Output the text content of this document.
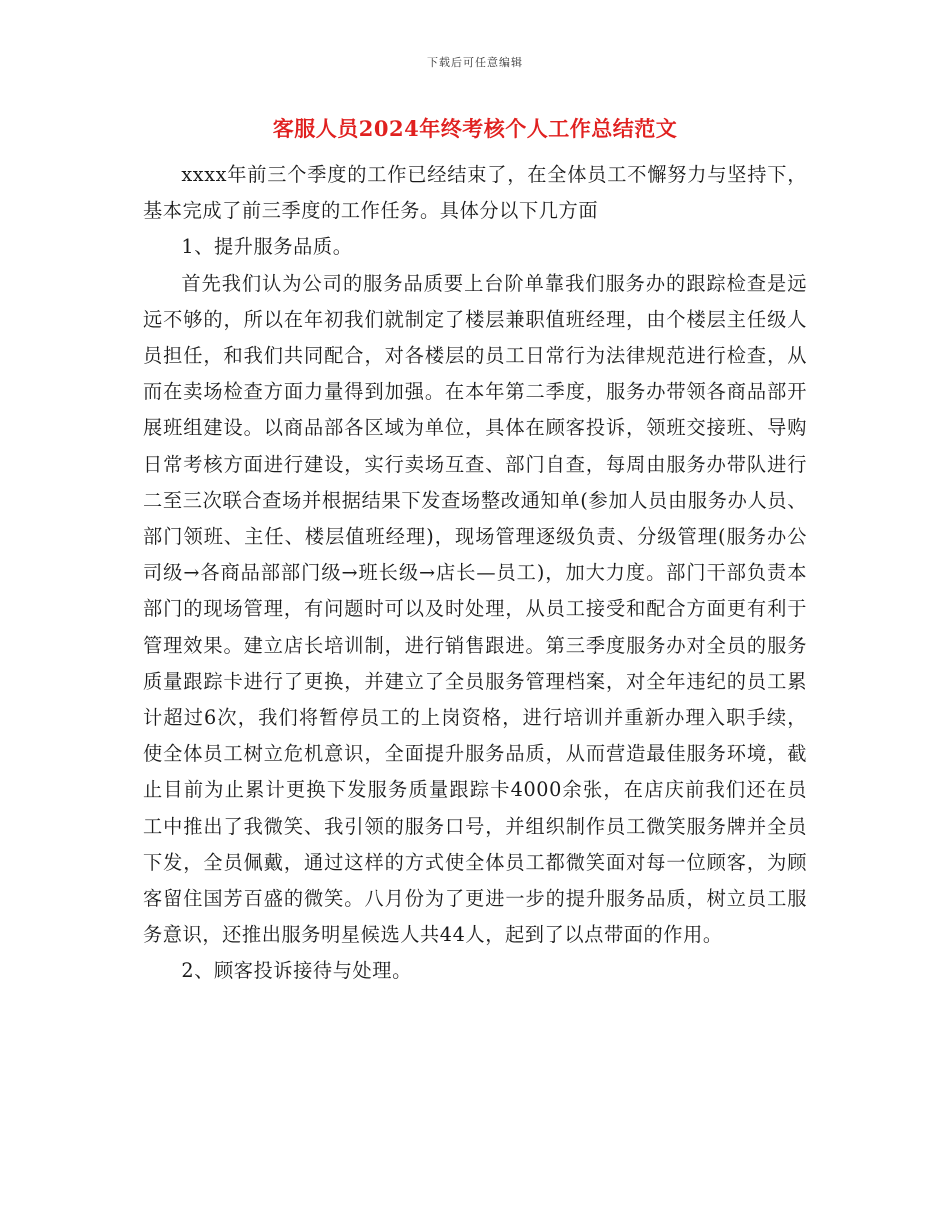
下载后可任意编辑
客服人员2024年终考核个人工作总结范文

xxxx年前三个季度的工作已经结束了，在全体员工不懈努力与坚持下，基本完成了前三季度的工作任务。具体分以下几方面

1、提升服务品质。

首先我们认为公司的服务品质要上台阶单靠我们服务办的跟踪检查是远远不够的，所以在年初我们就制定了楼层兼职值班经理，由个楼层主任级人员担任，和我们共同配合，对各楼层的员工日常行为法律规范进行检查，从而在卖场检查方面力量得到加强。在本年第二季度，服务办带领各商品部开展班组建设。以商品部各区域为单位，具体在顾客投诉，领班交接班、导购日常考核方面进行建设，实行卖场互查、部门自查，每周由服务办带队进行二至三次联合查场并根据结果下发查场整改通知单(参加人员由服务办人员、部门领班、主任、楼层值班经理)，现场管理逐级负责、分级管理(服务办公司级→各商品部部门级→班长级→店长—员工)，加大力度。部门干部负责本部门的现场管理，有问题时可以及时处理，从员工接受和配合方面更有利于管理效果。建立店长培训制，进行销售跟进。第三季度服务办对全员的服务质量跟踪卡进行了更换，并建立了全员服务管理档案，对全年违纪的员工累计超过6次，我们将暂停员工的上岗资格，进行培训并重新办理入职手续，使全体员工树立危机意识，全面提升服务品质，从而营造最佳服务环境，截止目前为止累计更换下发服务质量跟踪卡4000余张，在店庆前我们还在员工中推出了我微笑、我引领的服务口号，并组织制作员工微笑服务牌并全员下发，全员佩戴，通过这样的方式使全体员工都微笑面对每一位顾客，为顾客留住国芳百盛的微笑。八月份为了更进一步的提升服务品质，树立员工服务意识，还推出服务明星候选人共44人，起到了以点带面的作用。

2、顾客投诉接待与处理。
